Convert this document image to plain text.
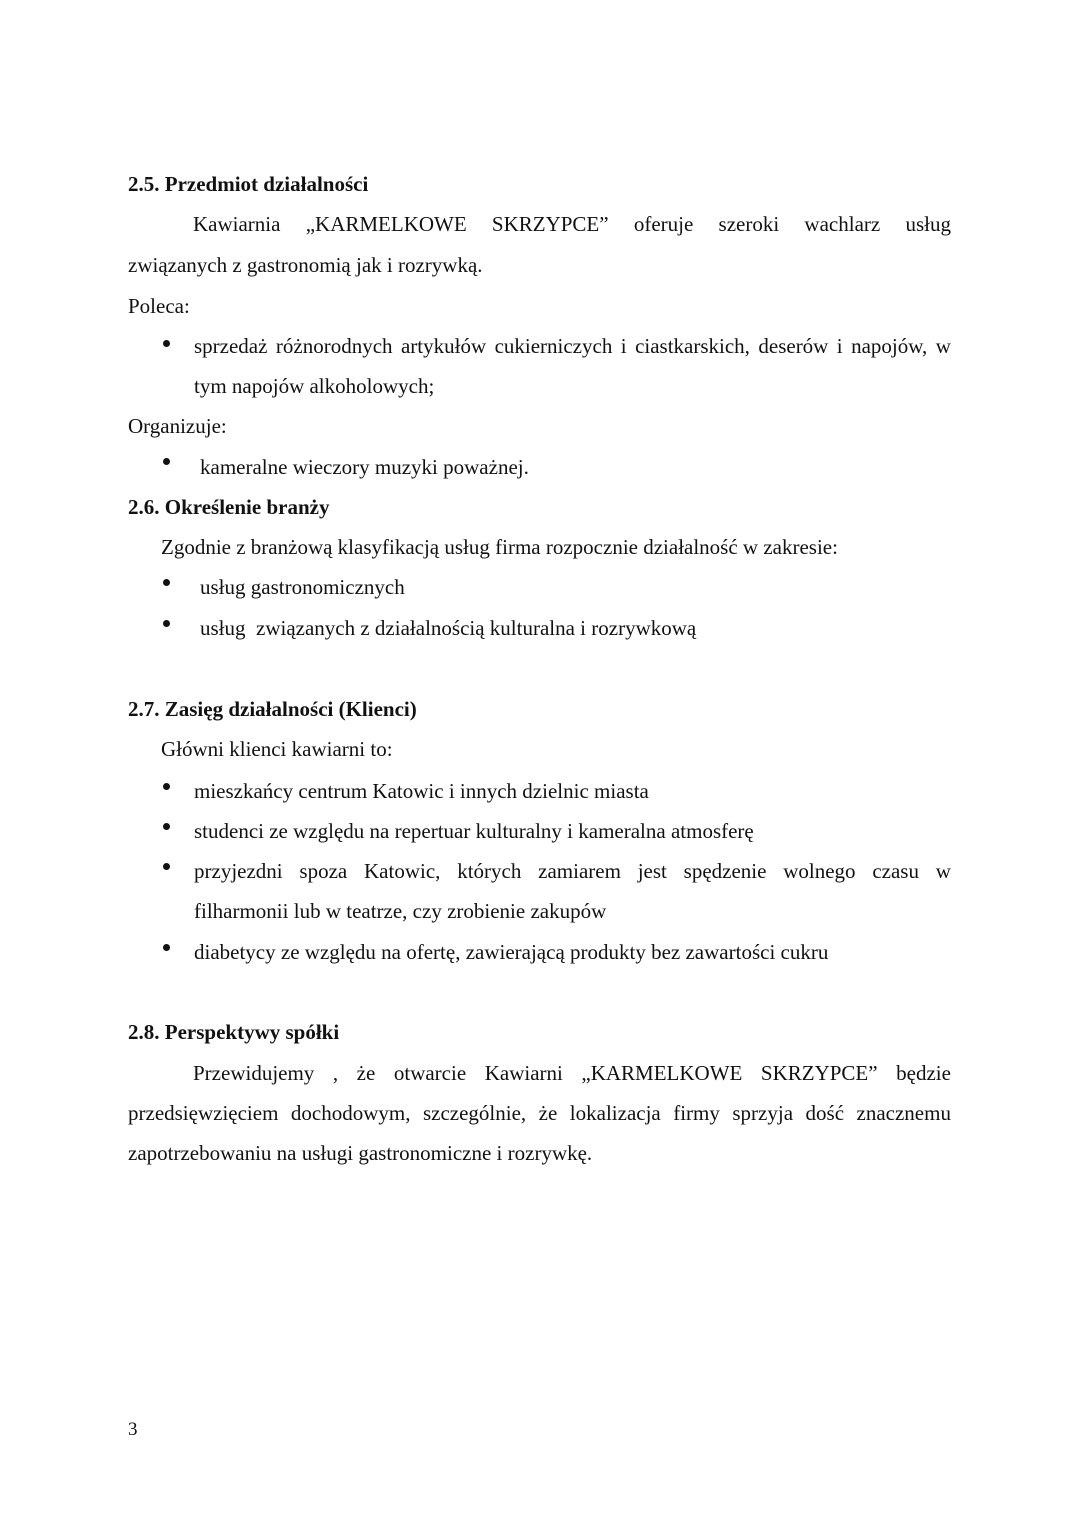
2.5. Przedmiot działalności
Kawiarnia „KARMELKOWE SKRZYPCE” oferuje szeroki wachlarz usług
związanych z gastronomią jak i rozrywką.
Poleca:
sprzedaż różnorodnych artykułów cukierniczych i ciastkarskich, deserów i napojów, w
tym napojów alkoholowych;
Organizuje:
kameralne wieczory muzyki poważnej.
2.6. Określenie branży
Zgodnie z branżową klasyfikacją usług firma rozpocznie działalność w zakresie:
usług gastronomicznych
usług  związanych z działalnością kulturalna i rozrywkową
2.7. Zasięg działalności (Klienci)
Główni klienci kawiarni to:
mieszkańcy centrum Katowic i innych dzielnic miasta
studenci ze względu na repertuar kulturalny i kameralna atmosferę
przyjezdni spoza Katowic, których zamiarem jest spędzenie wolnego czasu w
filharmonii lub w teatrze, czy zrobienie zakupów
diabetycy ze względu na ofertę, zawierającą produkty bez zawartości cukru
2.8. Perspektywy spółki
Przewidujemy , że otwarcie Kawiarni „KARMELKOWE SKRZYPCE” będzie
przedsięwzięciem dochodowym, szczególnie, że lokalizacja firmy sprzyja dość znacznemu
zapotrzebowaniu na usługi gastronomiczne i rozrywkę.
3
